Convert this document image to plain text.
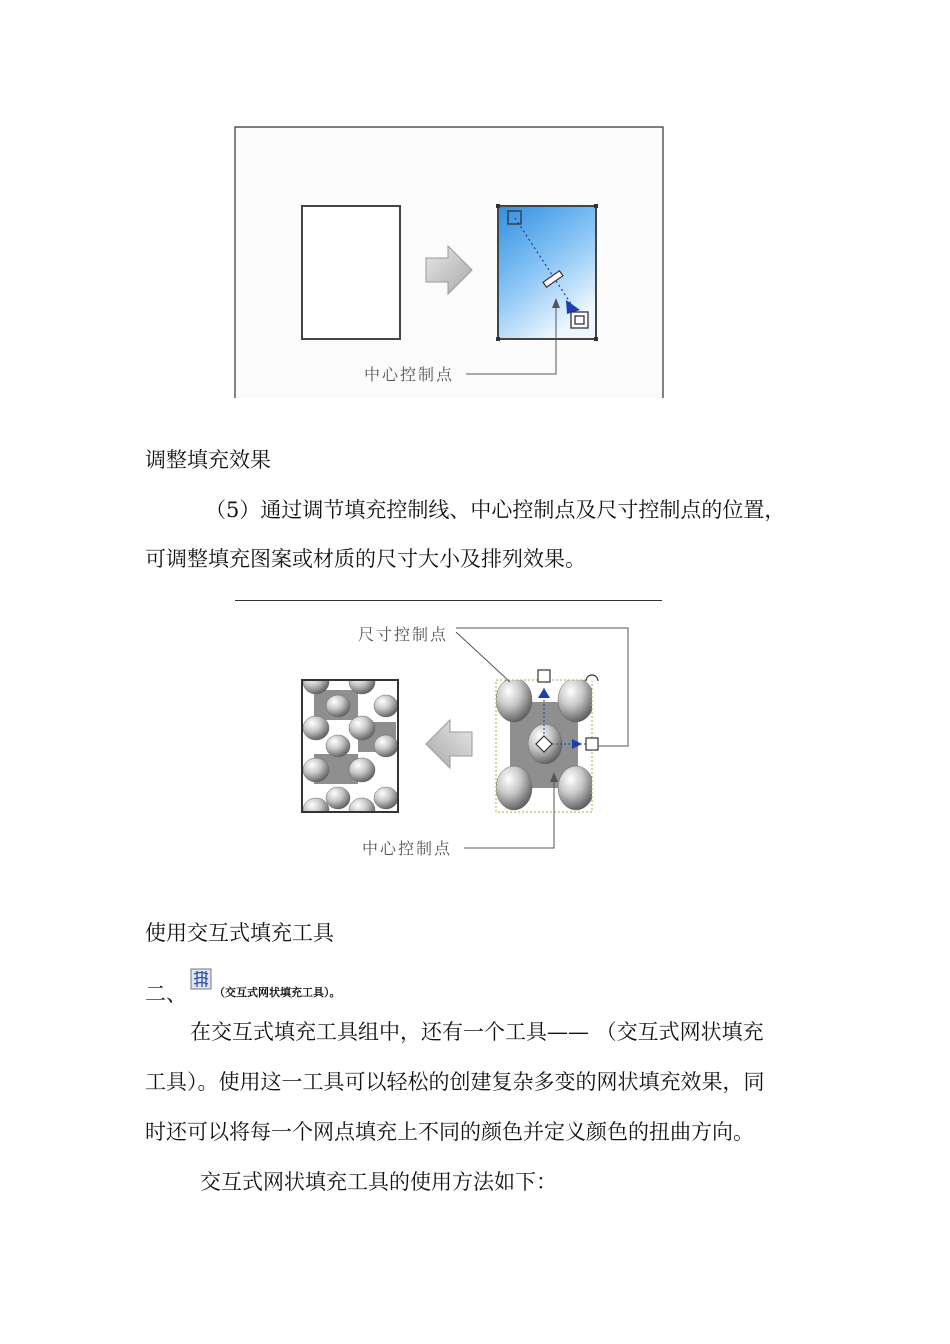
中心控制点
调整填充效果
（5）通过调节填充控制线、中心控制点及尺寸控制点的位置，
可调整填充图案或材质的尺寸大小及排列效果。
尺寸控制点
中心控制点
使用交互式填充工具
二、 （交互式网状填充工具）。
在交互式填充工具组中，还有一个工具—— （交互式网状填充
工具）。使用这一工具可以轻松的创建复杂多变的网状填充效果，同
时还可以将每一个网点填充上不同的颜色并定义颜色的扭曲方向。
交互式网状填充工具的使用方法如下：
